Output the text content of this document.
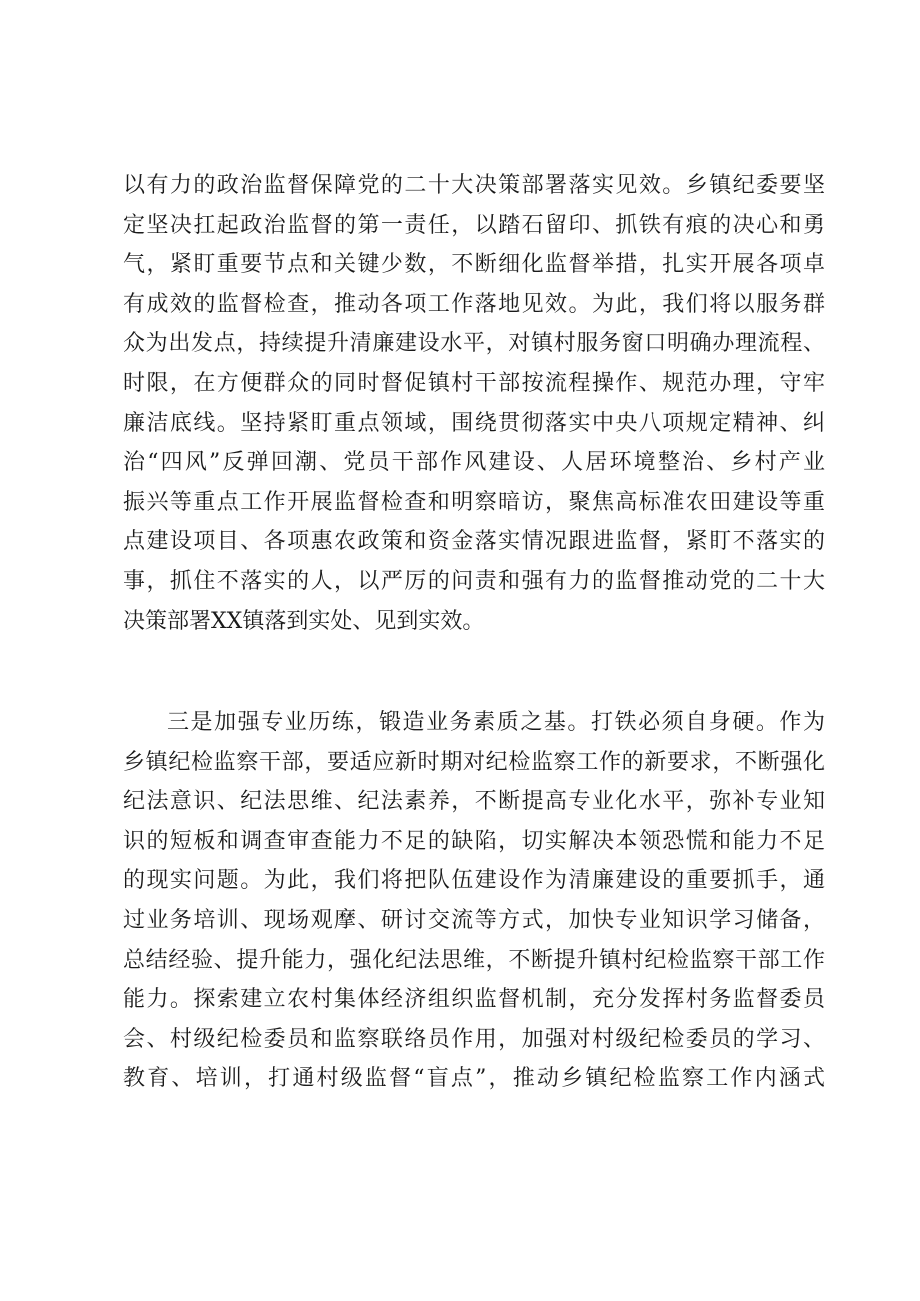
以有力的政治监督保障党的二十大决策部署落实见效。乡镇纪委要坚
定坚决扛起政治监督的第一责任，以踏石留印、抓铁有痕的决心和勇
气，紧盯重要节点和关键少数，不断细化监督举措，扎实开展各项卓
有成效的监督检查，推动各项工作落地见效。为此，我们将以服务群
众为出发点，持续提升清廉建设水平，对镇村服务窗口明确办理流程、
时限，在方便群众的同时督促镇村干部按流程操作、规范办理，守牢
廉洁底线。坚持紧盯重点领域，围绕贯彻落实中央八项规定精神、纠
治“四风”反弹回潮、党员干部作风建设、人居环境整治、乡村产业
振兴等重点工作开展监督检查和明察暗访，聚焦高标准农田建设等重
点建设项目、各项惠农政策和资金落实情况跟进监督，紧盯不落实的
事，抓住不落实的人，以严厉的问责和强有力的监督推动党的二十大
决策部署XX镇落到实处、见到实效。
三是加强专业历练，锻造业务素质之基。打铁必须自身硬。作为
乡镇纪检监察干部，要适应新时期对纪检监察工作的新要求，不断强化
纪法意识、纪法思维、纪法素养，不断提高专业化水平，弥补专业知
识的短板和调查审查能力不足的缺陷，切实解决本领恐慌和能力不足
的现实问题。为此，我们将把队伍建设作为清廉建设的重要抓手，通
过业务培训、现场观摩、研讨交流等方式，加快专业知识学习储备，
总结经验、提升能力，强化纪法思维，不断提升镇村纪检监察干部工作
能力。探索建立农村集体经济组织监督机制，充分发挥村务监督委员
会、村级纪检委员和监察联络员作用，加强对村级纪检委员的学习、
教育、培训，打通村级监督“盲点”，推动乡镇纪检监察工作内涵式
